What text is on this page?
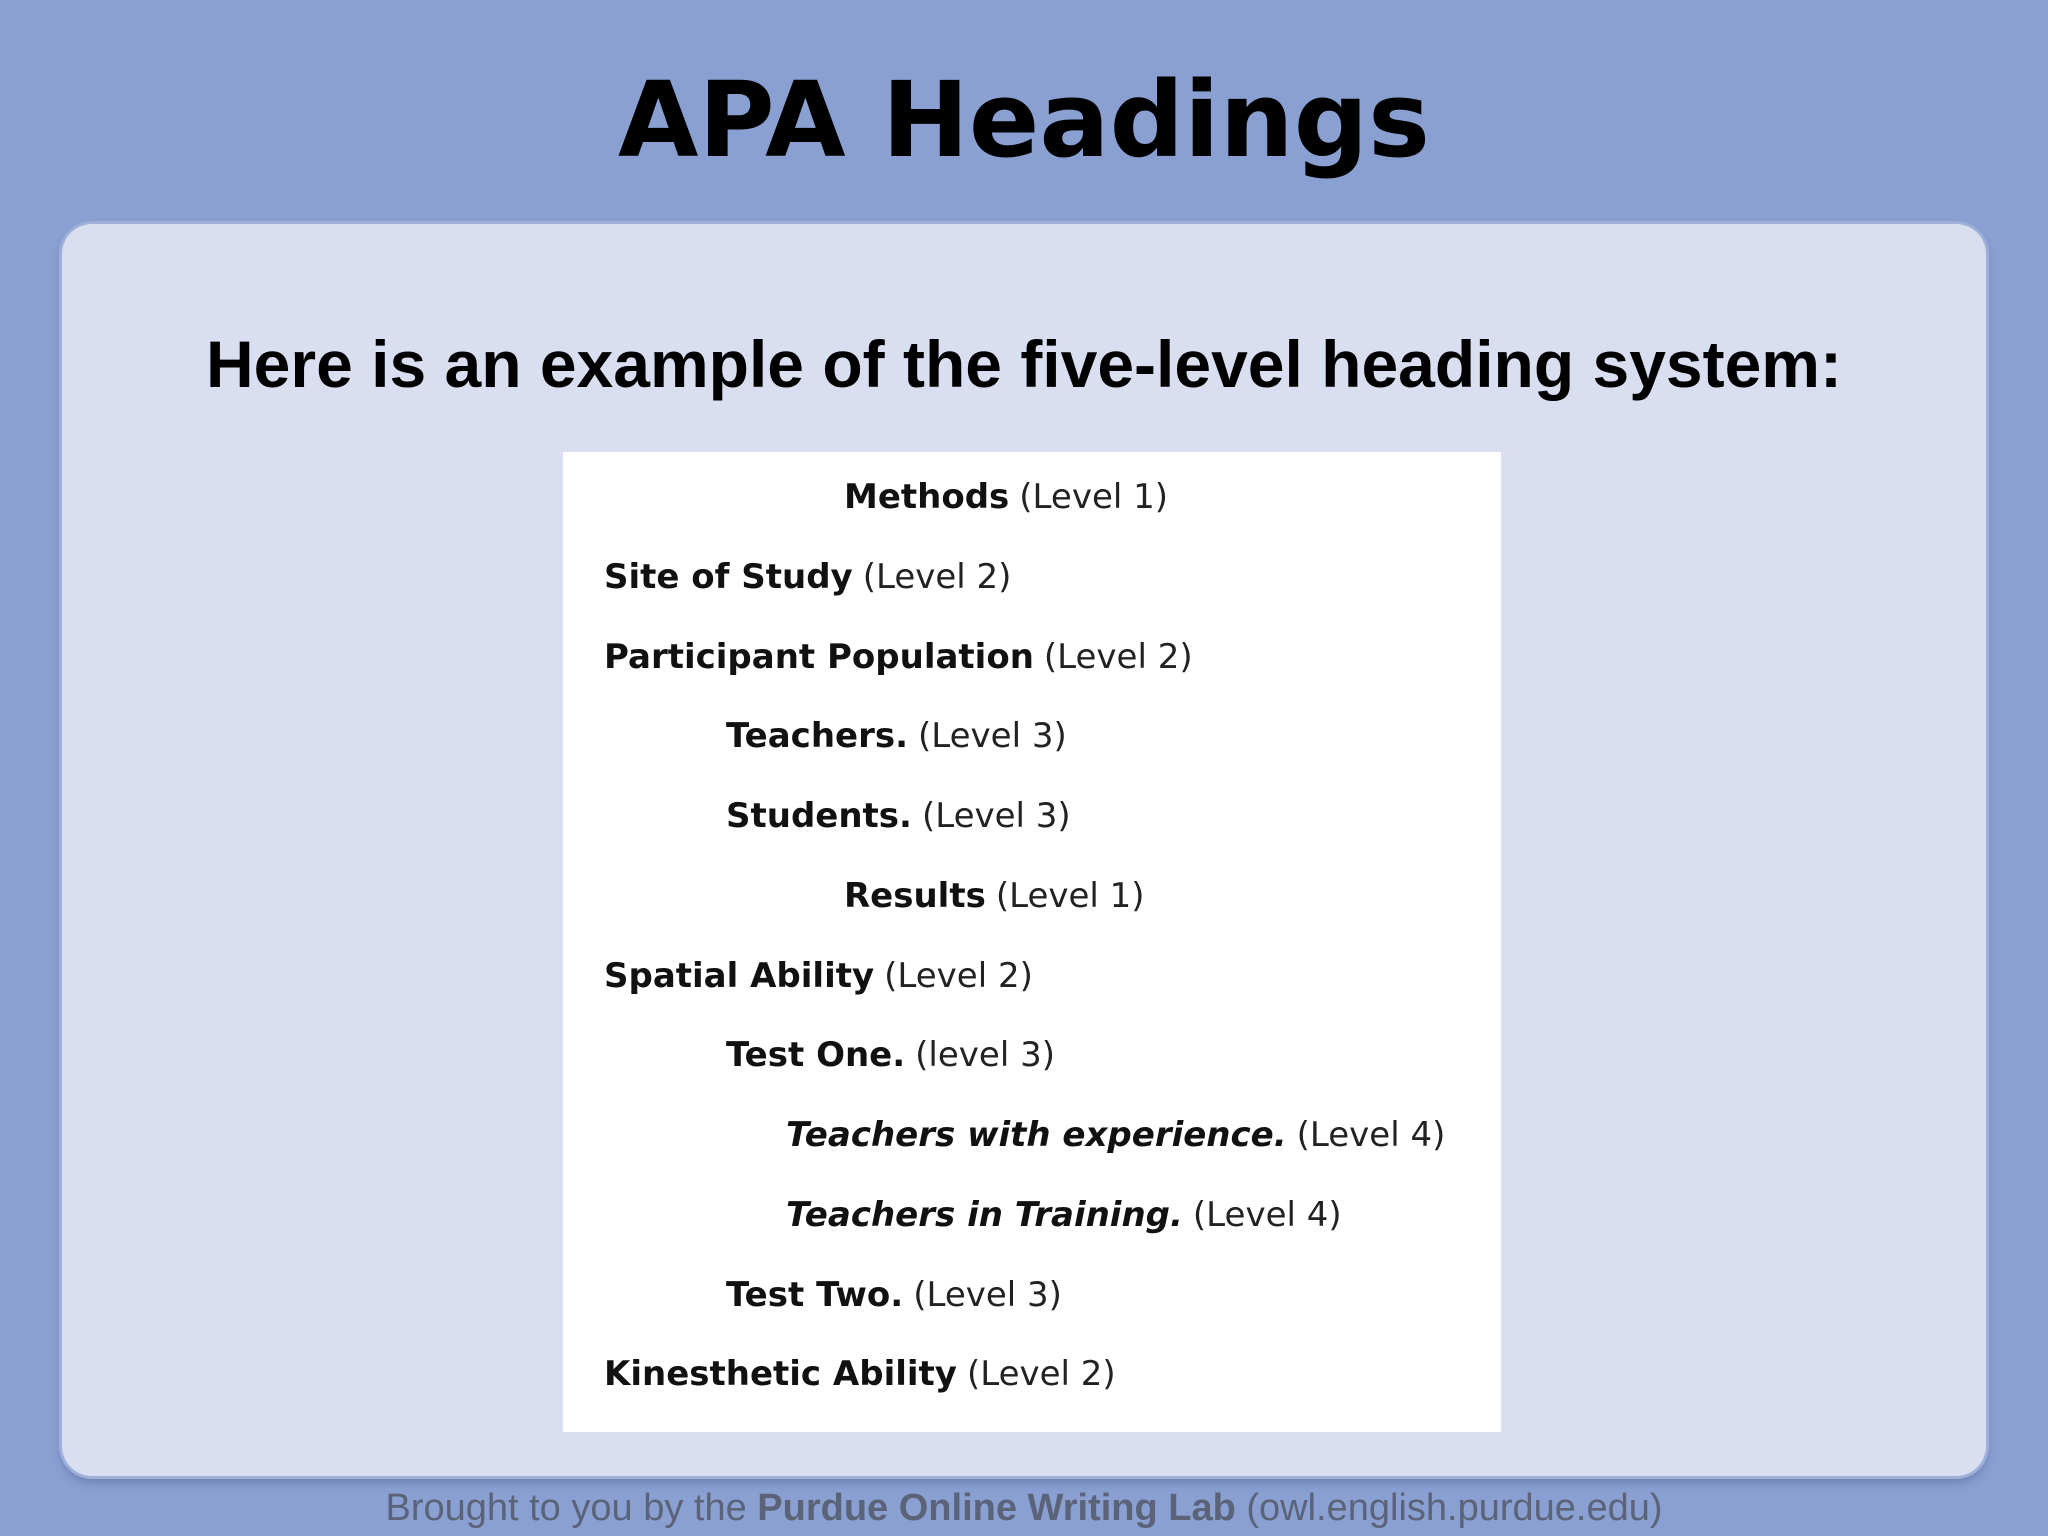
APA Headings

Here is an example of the five-level heading system:

Methods (Level 1)
Site of Study (Level 2)
Participant Population (Level 2)
Teachers. (Level 3)
Students. (Level 3)
Results (Level 1)
Spatial Ability (Level 2)
Test One. (level 3)
Teachers with experience. (Level 4)
Teachers in Training. (Level 4)
Test Two. (Level 3)
Kinesthetic Ability (Level 2)
Brought to you by the Purdue Online Writing Lab (owl.english.purdue.edu)
